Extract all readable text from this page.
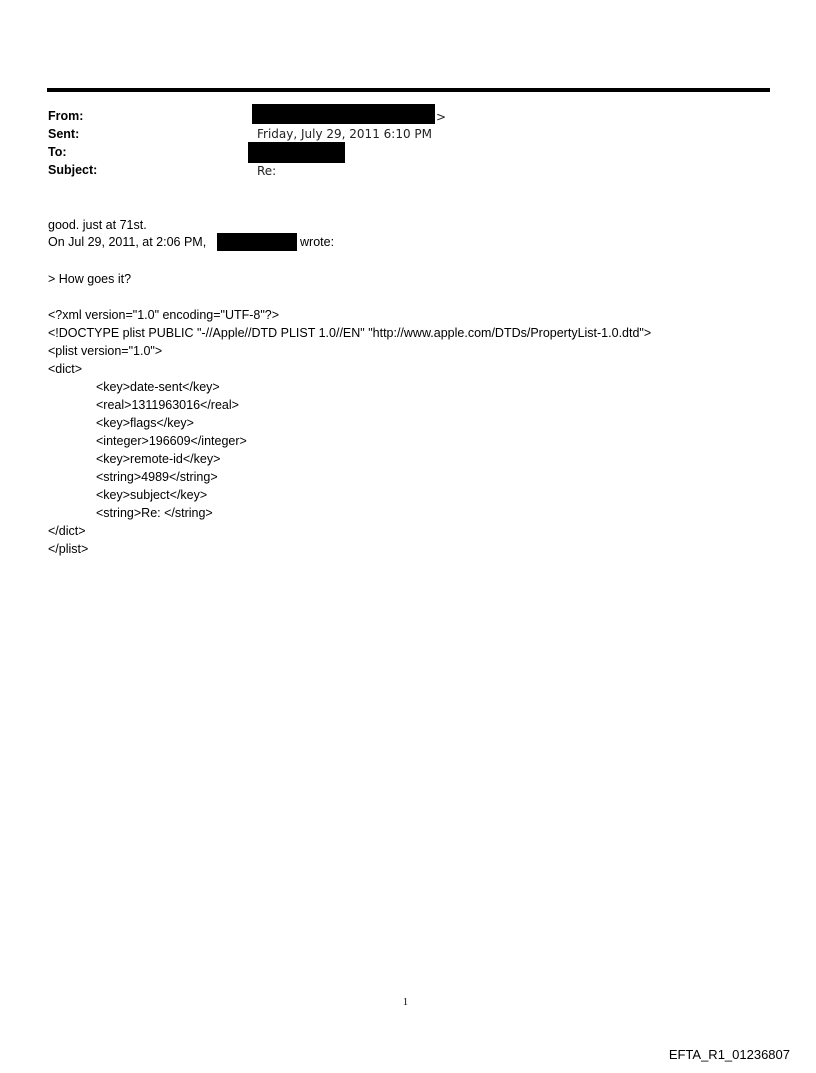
From:	>
Sent:	Friday, July 29, 2011 6:10 PM
To:
Subject:	Re:
good. just at 71st.
On Jul 29, 2011, at 2:06 PM,	wrote:
> How goes it?
<?xml version="1.0" encoding="UTF-8"?>
<!DOCTYPE plist PUBLIC "-//Apple//DTD PLIST 1.0//EN" "http://www.apple.com/DTDs/PropertyList-1.0.dtd">
<plist version="1.0">
<dict>
<key>date-sent</key>
<real>1311963016</real>
<key>flags</key>
<integer>196609</integer>
<key>remote-id</key>
<string>4989</string>
<key>subject</key>
<string>Re: </string>
</dict>
</plist>
1
EFTA_R1_01236807
